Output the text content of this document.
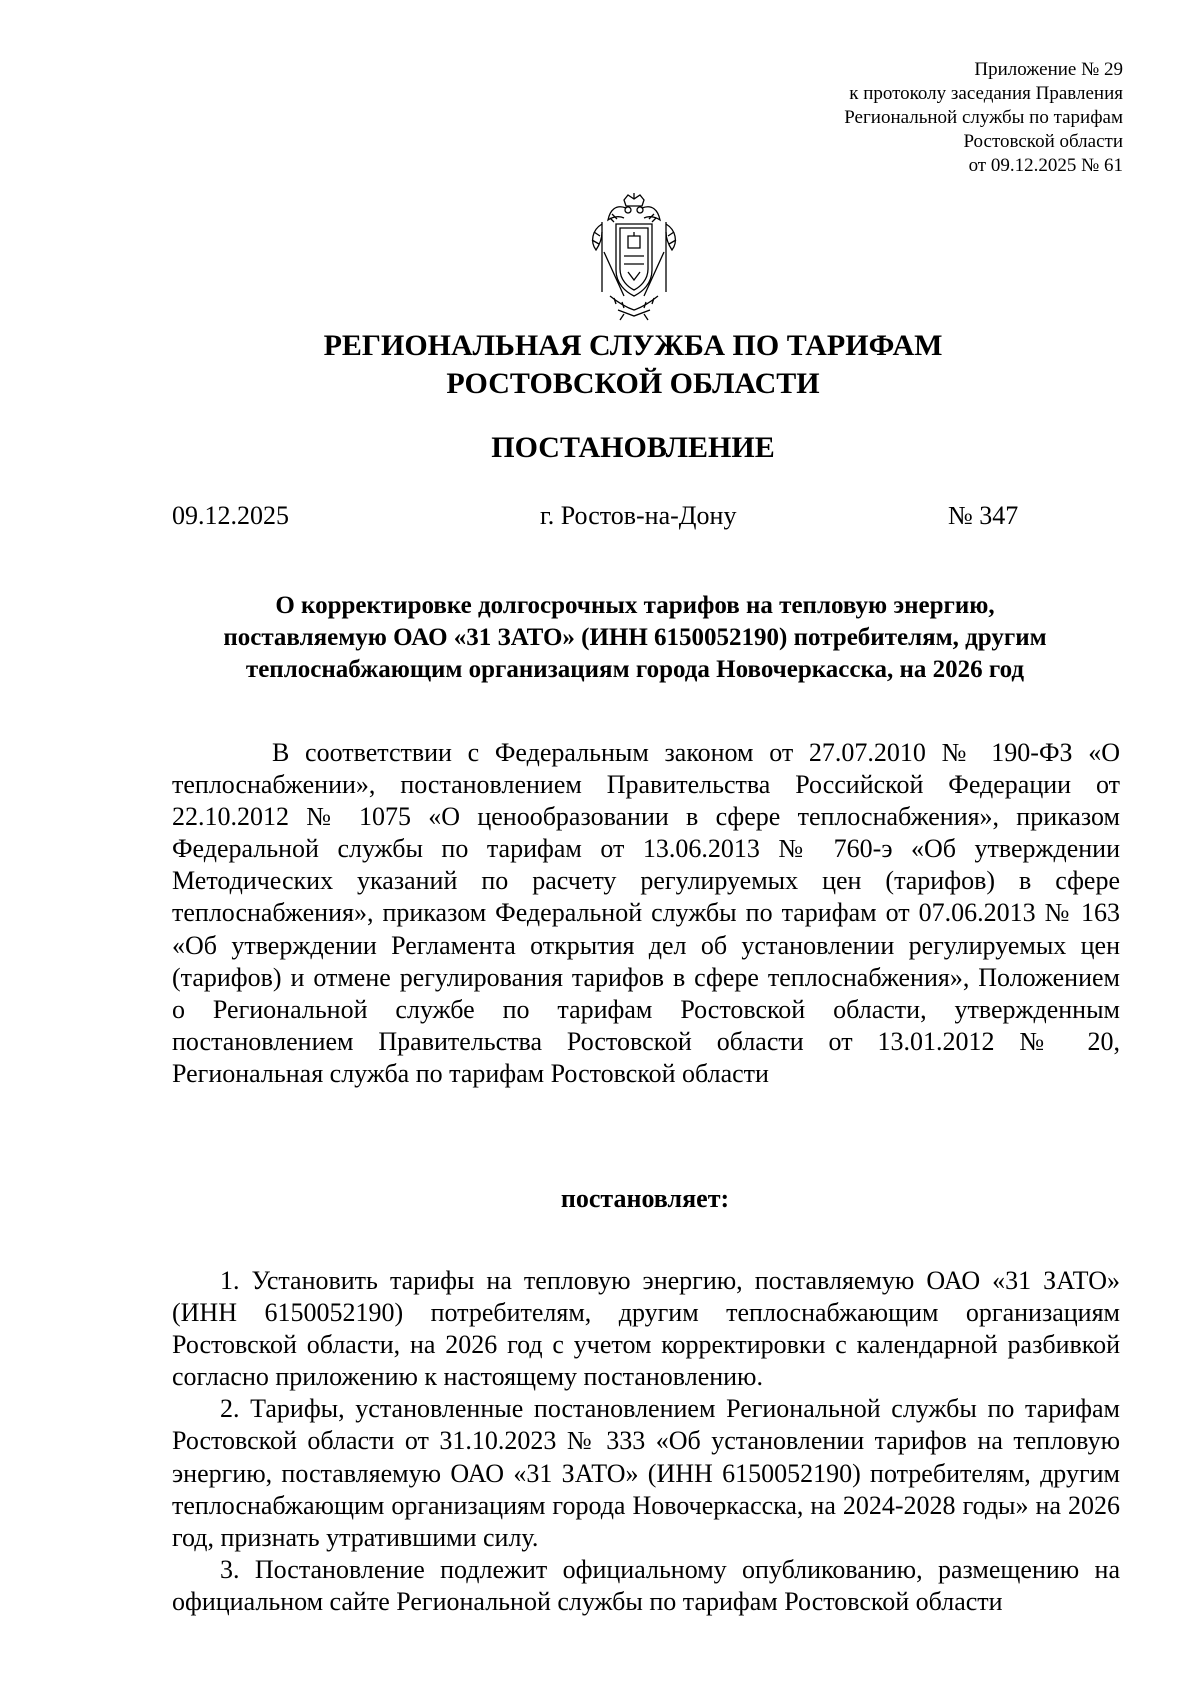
Приложение № 29
к протоколу заседания Правления
Региональной службы по тарифам
Ростовской области
от 09.12.2025 № 61
РЕГИОНАЛЬНАЯ СЛУЖБА ПО ТАРИФАМ
РОСТОВСКОЙ ОБЛАСТИ
ПОСТАНОВЛЕНИЕ
09.12.2025	г. Ростов-на-Дону	№ 347
О корректировке долгосрочных тарифов на тепловую энергию,
поставляемую ОАО «31 ЗАТО» (ИНН 6150052190) потребителям, другим
теплоснабжающим организациям города Новочеркасска, на 2026 год
В соответствии с Федеральным законом от 27.07.2010 № 190-ФЗ «О теплоснабжении», постановлением Правительства Российской Федерации от 22.10.2012 № 1075 «О ценообразовании в сфере теплоснабжения», приказом Федеральной службы по тарифам от 13.06.2013 № 760-э «Об утверждении Методических указаний по расчету регулируемых цен (тарифов) в сфере теплоснабжения», приказом Федеральной службы по тарифам от 07.06.2013 № 163 «Об утверждении Регламента открытия дел об установлении регулируемых цен (тарифов) и отмене регулирования тарифов в сфере теплоснабжения», Положением о Региональной службе по тарифам Ростовской области, утвержденным постановлением Правительства Ростовской области от 13.01.2012 № 20, Региональная служба по тарифам Ростовской области
постановляет:
1. Установить тарифы на тепловую энергию, поставляемую ОАО «31 ЗАТО» (ИНН 6150052190) потребителям, другим теплоснабжающим организациям Ростовской области, на 2026 год с учетом корректировки с календарной разбивкой согласно приложению к настоящему постановлению.
2. Тарифы, установленные постановлением Региональной службы по тарифам Ростовской области от 31.10.2023 № 333 «Об установлении тарифов на тепловую энергию, поставляемую ОАО «31 ЗАТО» (ИНН 6150052190) потребителям, другим теплоснабжающим организациям города Новочеркасска, на 2024-2028 годы» на 2026 год, признать утратившими силу.
3. Постановление подлежит официальному опубликованию, размещению на официальном сайте Региональной службы по тарифам Ростовской области
